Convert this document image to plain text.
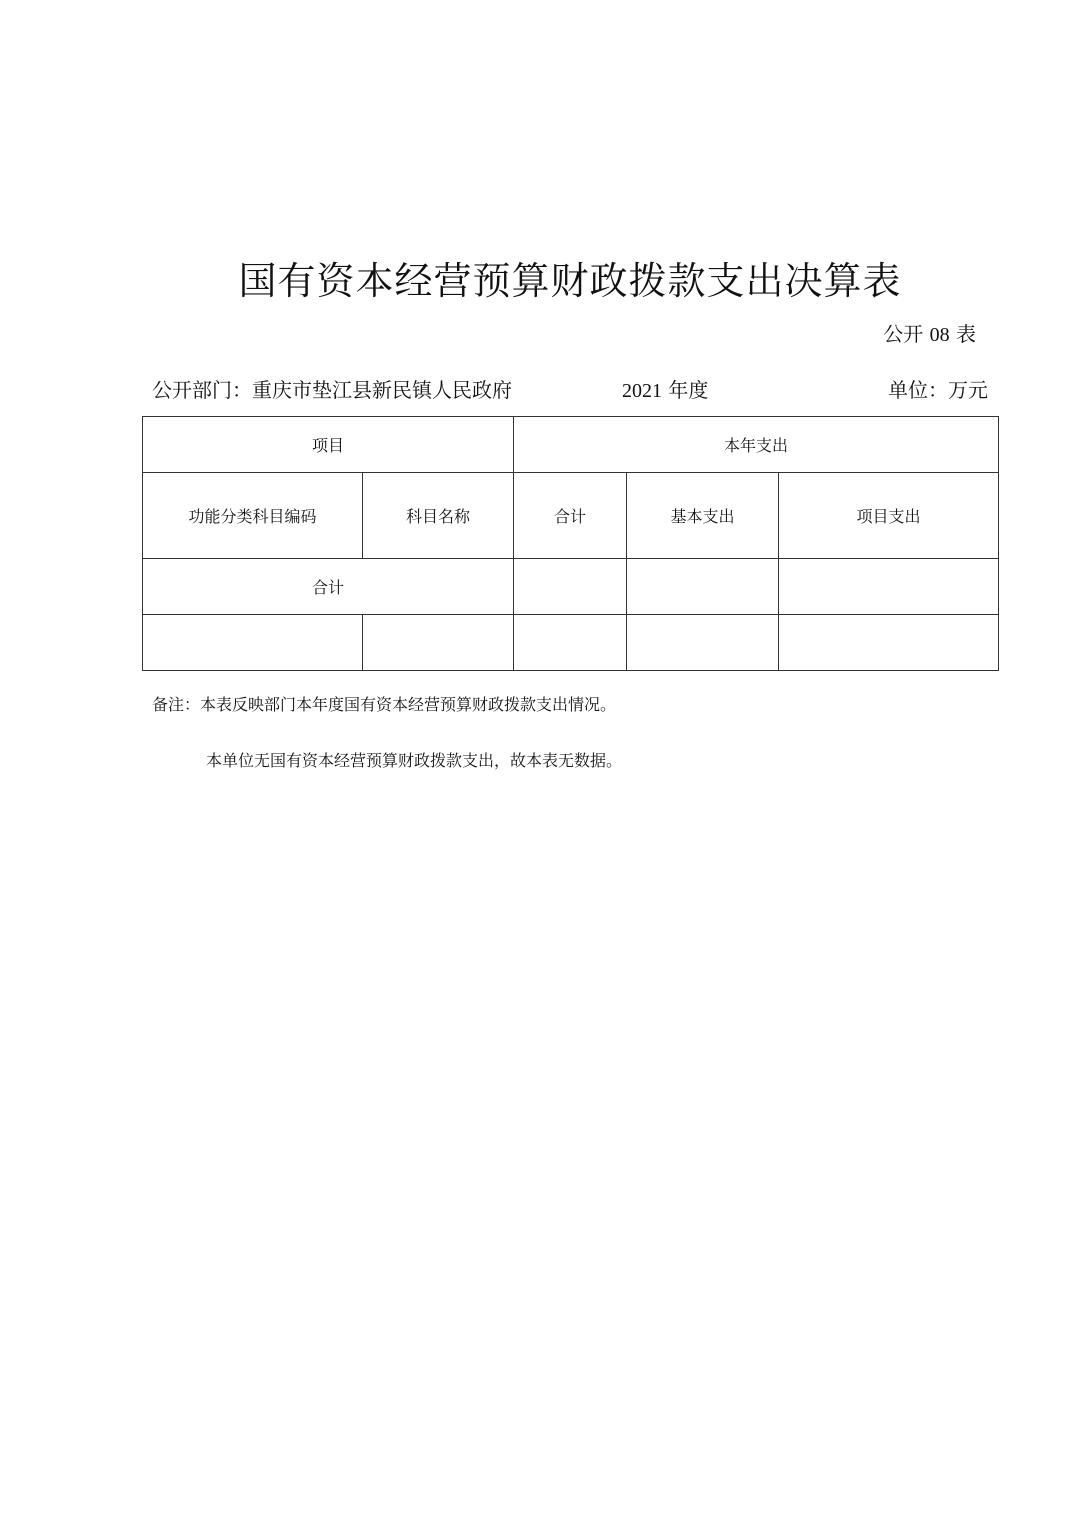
国有资本经营预算财政拨款支出决算表
公开 08 表
公开部门：重庆市垫江县新民镇人民政府	2021 年度	单位：万元
项目		本年支出		
功能分类科目编码	科目名称	合计	基本支出	项目支出
合计				

备注：本表反映部门本年度国有资本经营预算财政拨款支出情况。
本单位无国有资本经营预算财政拨款支出，故本表无数据。
